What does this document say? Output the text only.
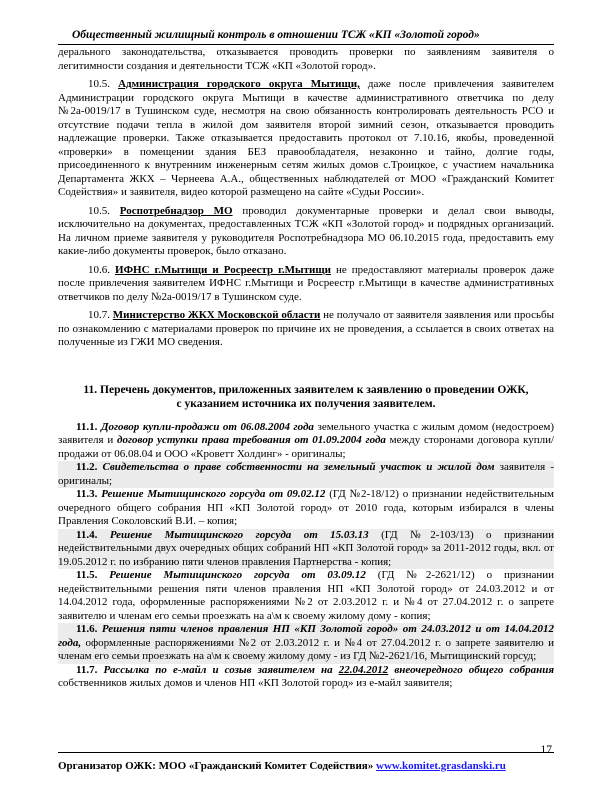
Общественный жилищный контроль в отношении ТСЖ «КП «Золотой город»

дерального законодательства, отказывается проводить проверки по заявлениям заявителя о легитимности создания и деятельности ТСЖ «КП «Золотой город».

10.5. Администрация городского округа Мытищи, даже после привлечения заявителем Администрации городского округа Мытищи в качестве административного ответчика по делу №2а-0019/17 в Тушинском суде, несмотря на свою обязанность контролировать деятельность РСО и отсутствие подачи тепла в жилой дом заявителя второй зимний сезон, отказывается проводить надлежащие проверки. Также отказывается предоставить протокол от 7.10.16, якобы, проведенной «проверки» в помещении здания БЕЗ правообладателя, незаконно и тайно, долгие годы, присоединенного к внутренним инженерным сетям жилых домов с.Троицкое, с участием начальника Департамента ЖКХ – Чернеева А.А., общественных наблюдателей от МОО «Гражданский Комитет Содействия» и заявителя, видео которой размещено на сайте «Судьи России».

10.5. Роспотребнадзор МО проводил документарные проверки и делал свои выводы, исключительно на документах, предоставленных ТСЖ «КП «Золотой город» и подрядных организаций. На личном приеме заявителя у руководителя Роспотребнадзора МО 06.10.2015 года, предоставить ему какие-либо документы проверок, было отказано.

10.6. ИФНС г.Мытищи и Росреестр г.Мытищи не предоставляют материалы проверок даже после привлечения заявителем ИФНС г.Мытищи и Росреестр г.Мытищи в качестве административных ответчиков по делу №2а-0019/17 в Тушинском суде.

10.7. Министерство ЖКХ Московской области не получало от заявителя заявления или просьбы по ознакомлению с материалами проверок по причине их не проведения, а ссылается в своих ответах на полученные из ГЖИ МО сведения.

11. Перечень документов, приложенных заявителем к заявлению о проведении ОЖК,

с указанием источника их получения заявителем.

11.1. Договор купли-продажи от 06.08.2004 года земельного участка с жилым домом (недостроем) заявителя и договор уступки права требования от 01.09.2004 года между сторонами договора купли/продажи от 06.08.04 и ООО «Кроветт Холдинг» - оригиналы;

11.2. Свидетельства о праве собственности на земельный участок и жилой дом заявителя - оригиналы;

11.3. Решение Мытищинского горсуда от 09.02.12 (ГД №2-18/12) о признании недействительным очередного общего собрания НП «КП Золотой город» от 2010 года, которым избирался в члены Правления Соколовский В.И. – копия;

11.4. Решение Мытищинского горсуда от 15.03.13 (ГД №2-103/13) о признании недействительными двух очередных общих собраний НП «КП Золотой город» за 2011-2012 годы, вкл. от 19.05.2012 г. по избранию пяти членов правления Партнерства - копия;

11.5. Решение Мытищинского горсуда от 03.09.12 (ГД №2-2621/12) о признании недействительными решения пяти членов правления НП «КП Золотой город» от 24.03.2012 и от 14.04.2012 года, оформленные распоряжениями №2 от 2.03.2012 г. и №4 от 27.04.2012 г. о запрете заявителю и членам его семьи проезжать на а\м к своему жилому дому - копия;

11.6. Решения пяти членов правления НП «КП Золотой город» от 24.03.2012 и от 14.04.2012 года, оформленные распоряжениями №2 от 2.03.2012 г. и №4 от 27.04.2012 г. о запрете заявителю и членам его семьи проезжать на а\м к своему жилому дому - из ГД №2-2621/16, Мытищинский горсуд;

11.7. Рассылка по е-майл и созыв заявителем на 22.04.2012 внеочередного общего собрания собственников жилых домов и членов НП «КП Золотой город» из е-майл заявителя;

17
Организатор ОЖК: МОО «Гражданский Комитет Содействия» www.komitet.grasdanski.ru
